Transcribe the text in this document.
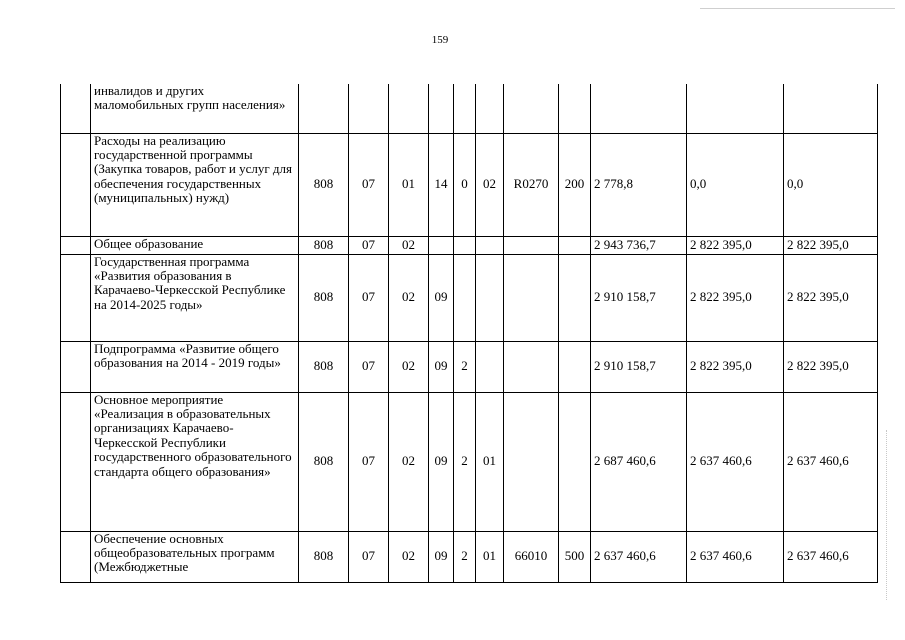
159
	инвалидов и других маломобильных групп населения»											
	Расходы на реализацию государственной программы (Закупка товаров, работ и услуг для обеспечения государственных (муниципальных) нужд)	808	07	01	14	0	02	R0270	200	2 778,8	0,0	0,0
	Общее образование	808	07	02						2 943 736,7	2 822 395,0	2 822 395,0
	Государственная программа «Развития образования в Карачаево-Черкесской Республике на 2014-2025 годы»	808	07	02	09					2 910 158,7	2 822 395,0	2 822 395,0
	Подпрограмма «Развитие общего образования на 2014 - 2019 годы»	808	07	02	09	2				2 910 158,7	2 822 395,0	2 822 395,0
	Основное мероприятие «Реализация в образовательных организациях Карачаево-Черкесской Республики государственного образовательного стандарта общего образования»	808	07	02	09	2	01			2 687 460,6	2 637 460,6	2 637 460,6
	Обеспечение основных общеобразовательных программ (Межбюджетные	808	07	02	09	2	01	66010	500	2 637 460,6	2 637 460,6	2 637 460,6
